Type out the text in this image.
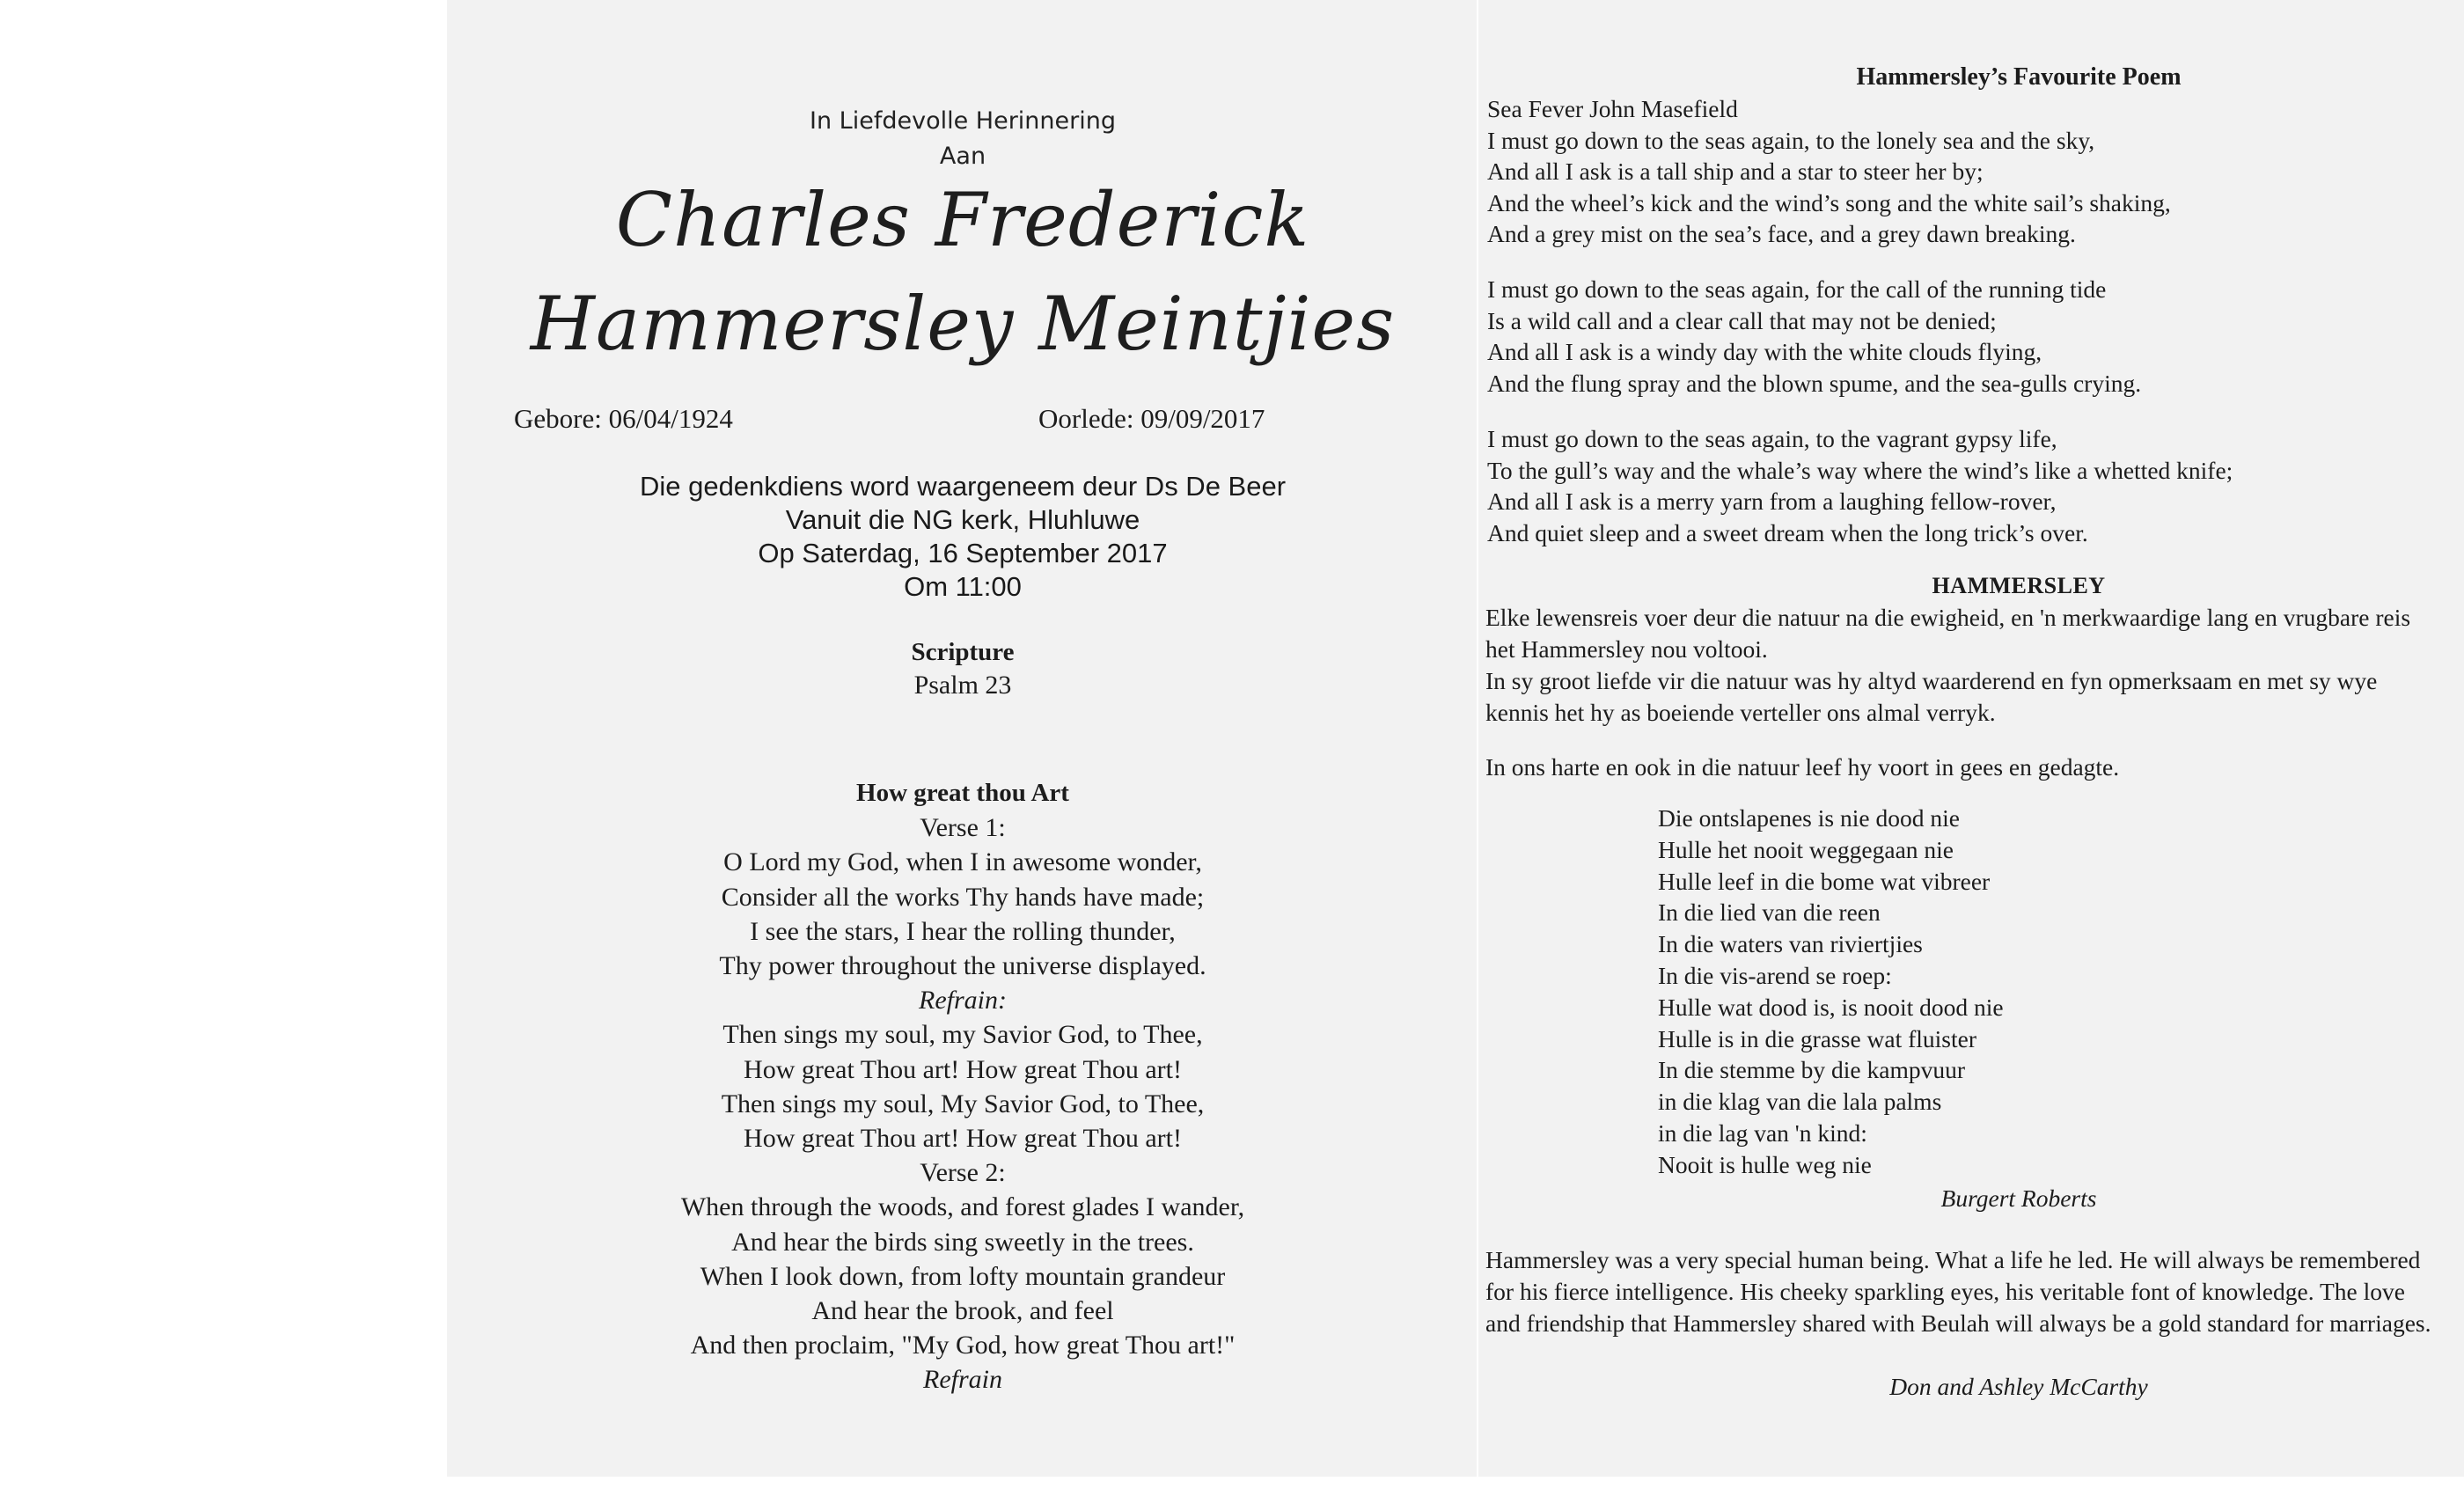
In Liefdevolle Herinnering
Aan
Charles Frederick
Hammersley Meintjies
Gebore: 06/04/1924	Oorlede: 09/09/2017
Die gedenkdiens word waargeneem deur Ds De Beer
Vanuit die NG kerk, Hluhluwe
Op Saterdag, 16 September 2017
Om 11:00
Scripture
Psalm 23
How great thou Art
Verse 1:
O Lord my God, when I in awesome wonder,
Consider all the works Thy hands have made;
I see the stars, I hear the rolling thunder,
Thy power throughout the universe displayed.
Refrain:
Then sings my soul, my Savior God, to Thee,
How great Thou art! How great Thou art!
Then sings my soul, My Savior God, to Thee,
How great Thou art! How great Thou art!
Verse 2:
When through the woods, and forest glades I wander,
And hear the birds sing sweetly in the trees.
When I look down, from lofty mountain grandeur
And hear the brook, and feel
And then proclaim, "My God, how great Thou art!"
Refrain
Hammersley’s Favourite Poem
Sea Fever John Masefield
I must go down to the seas again, to the lonely sea and the sky,
And all I ask is a tall ship and a star to steer her by;
And the wheel’s kick and the wind’s song and the white sail’s shaking,
And a grey mist on the sea’s face, and a grey dawn breaking.
I must go down to the seas again, for the call of the running tide
Is a wild call and a clear call that may not be denied;
And all I ask is a windy day with the white clouds flying,
And the flung spray and the blown spume, and the sea-gulls crying.
I must go down to the seas again, to the vagrant gypsy life,
To the gull’s way and the whale’s way where the wind’s like a whetted knife;
And all I ask is a merry yarn from a laughing fellow-rover,
And quiet sleep and a sweet dream when the long trick’s over.
HAMMERSLEY
Elke lewensreis voer deur die natuur na die ewigheid, en 'n merkwaardige lang en vrugbare reis het Hammersley nou voltooi.
In sy groot liefde vir die natuur was hy altyd waarderend en fyn opmerksaam en met sy wye kennis het hy as boeiende verteller ons almal verryk.
In ons harte en ook in die natuur leef hy voort in gees en gedagte.
Die ontslapenes is nie dood nie
Hulle het nooit weggegaan nie
Hulle leef in die bome wat vibreer
In die lied van die reen
In die waters van riviertjies
In die vis-arend se roep:
Hulle wat dood is, is nooit dood nie
Hulle is in die grasse wat fluister
In die stemme by die kampvuur
in die klag van die lala palms
in die lag van 'n kind:
Nooit is hulle weg nie
Burgert Roberts
Hammersley was a very special human being. What a life he led. He will always be remembered for his fierce intelligence. His cheeky sparkling eyes, his veritable font of knowledge. The love and friendship that Hammersley shared with Beulah will always be a gold standard for marriages.
Don and Ashley McCarthy
